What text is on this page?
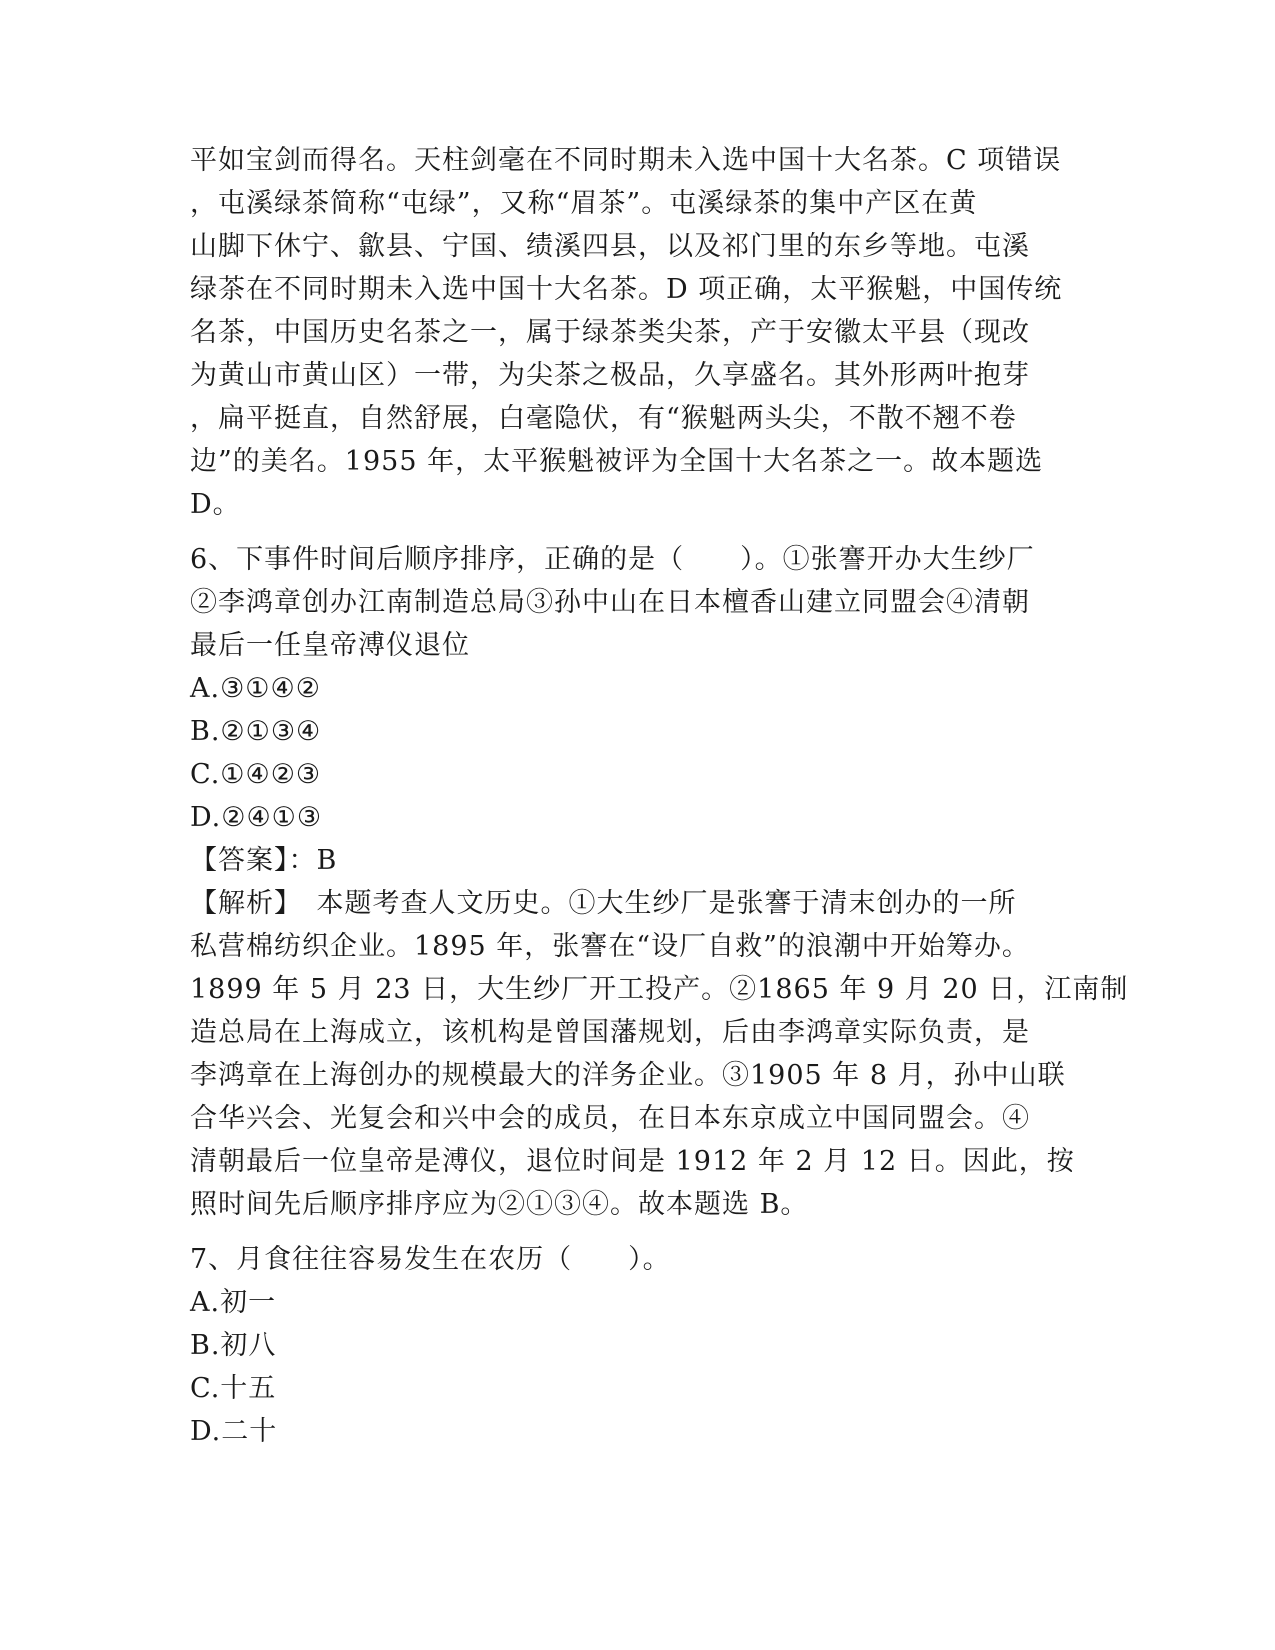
平如宝剑而得名。天柱剑毫在不同时期未入选中国十大名茶。C 项错误
，屯溪绿茶简称“屯绿”，又称“眉茶”。屯溪绿茶的集中产区在黄
山脚下休宁、歙县、宁国、绩溪四县，以及祁门里的东乡等地。屯溪
绿茶在不同时期未入选中国十大名茶。D 项正确，太平猴魁，中国传统
名茶，中国历史名茶之一，属于绿茶类尖茶，产于安徽太平县（现改
为黄山市黄山区）一带，为尖茶之极品，久享盛名。其外形两叶抱芽
，扁平挺直，自然舒展，白毫隐伏，有“猴魁两头尖，不散不翘不卷
边”的美名。1955 年，太平猴魁被评为全国十大名茶之一。故本题选
D。
6、下事件时间后顺序排序，正确的是（　　）。①张謇开办大生纱厂
②李鸿章创办江南制造总局③孙中山在日本檀香山建立同盟会④清朝
最后一任皇帝溥仪退位
A.③①④②
B.②①③④
C.①④②③
D.②④①③
【答案】：B
【解析】　本题考查人文历史。①大生纱厂是张謇于清末创办的一所
私营棉纺织企业。1895 年，张謇在“设厂自救”的浪潮中开始筹办。
1899 年 5 月 23 日，大生纱厂开工投产。②1865 年 9 月 20 日，江南制
造总局在上海成立，该机构是曾国藩规划，后由李鸿章实际负责，是
李鸿章在上海创办的规模最大的洋务企业。③1905 年 8 月，孙中山联
合华兴会、光复会和兴中会的成员，在日本东京成立中国同盟会。④
清朝最后一位皇帝是溥仪，退位时间是 1912 年 2 月 12 日。因此，按
照时间先后顺序排序应为②①③④。故本题选 B。
7、月食往往容易发生在农历（　　）。
A.初一
B.初八
C.十五
D.二十
